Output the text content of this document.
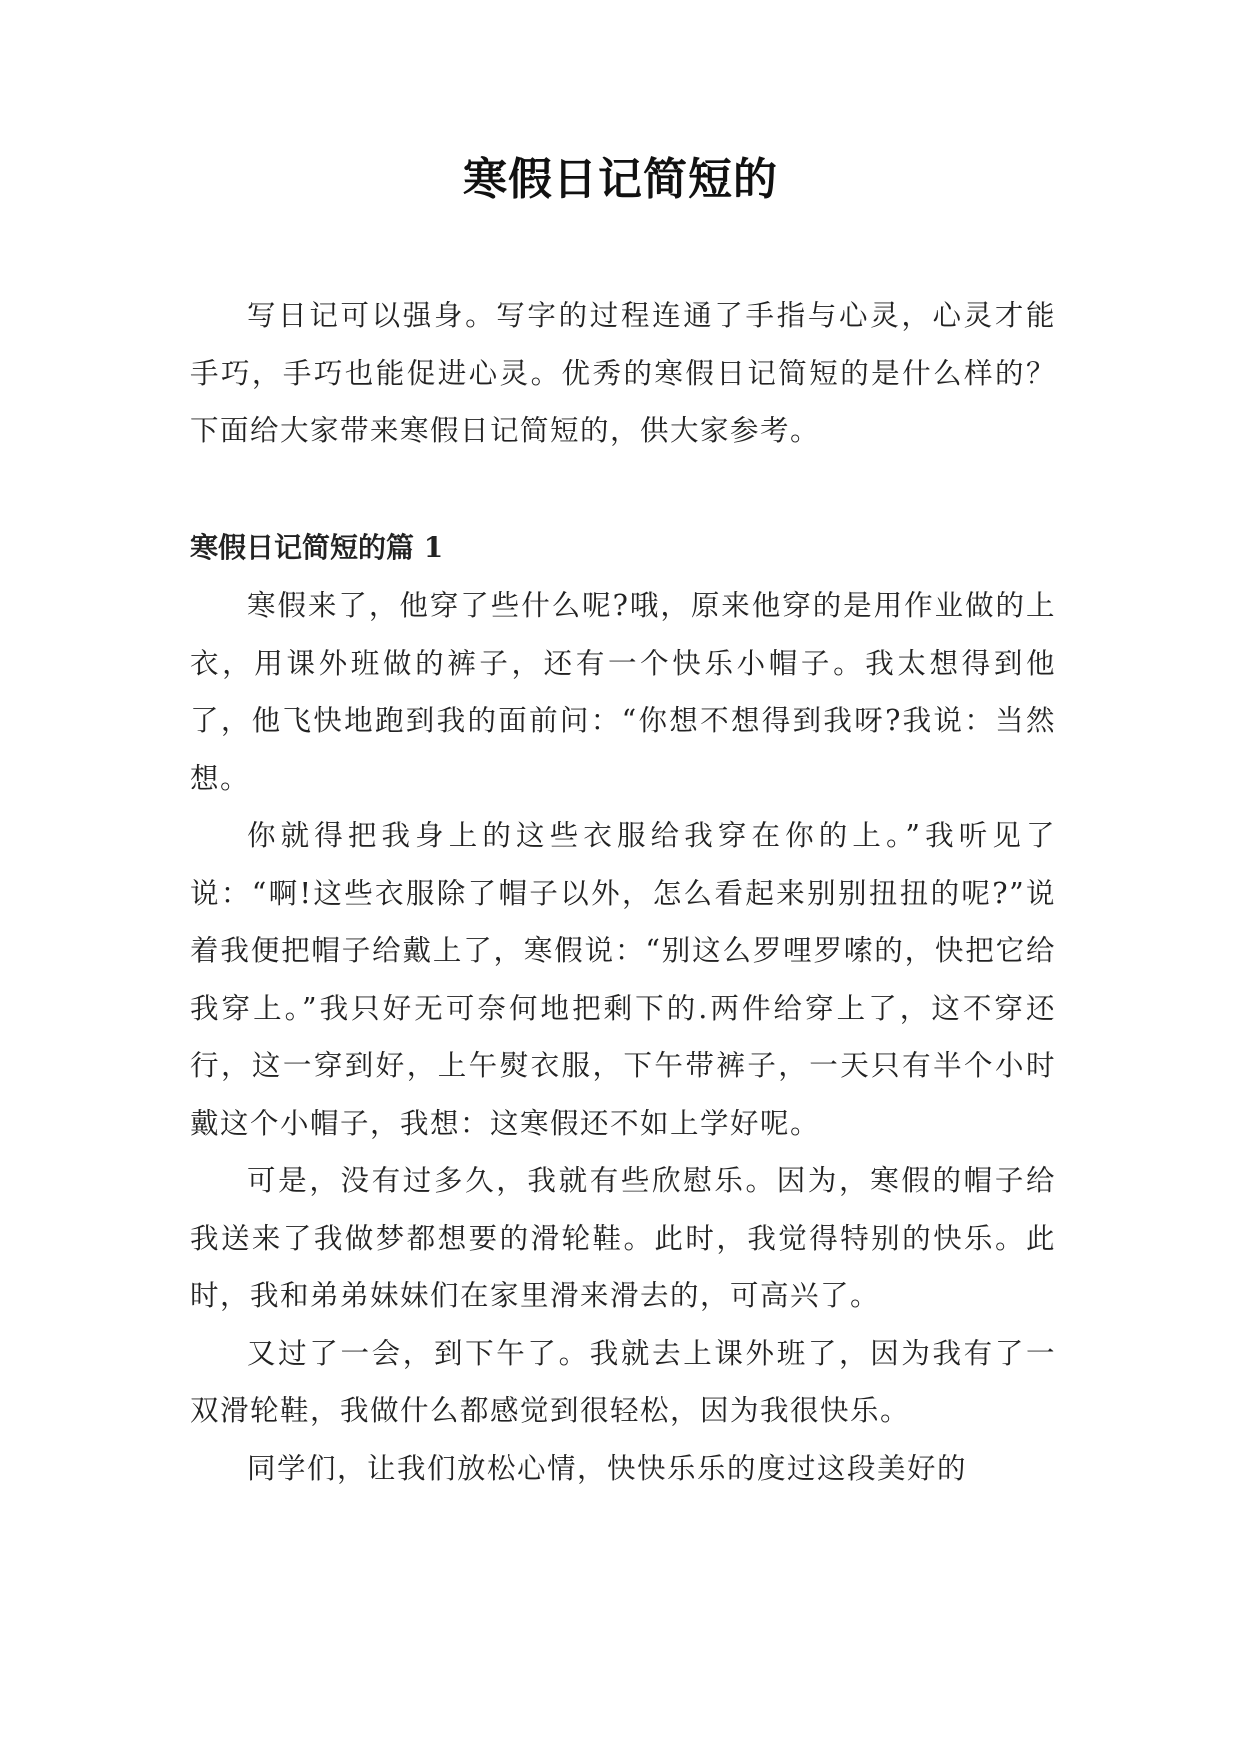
寒假日记简短的

写日记可以强身。写字的过程连通了手指与心灵，心灵才能手巧，手巧也能促进心灵。优秀的寒假日记简短的是什么样的？下面给大家带来寒假日记简短的，供大家参考。

寒假日记简短的篇 1

寒假来了，他穿了些什么呢?哦，原来他穿的是用作业做的上衣，用课外班做的裤子，还有一个快乐小帽子。我太想得到他了，他飞快地跑到我的面前问：“你想不想得到我呀?我说：当然想。

你就得把我身上的这些衣服给我穿在你的上。”我听见了说：“啊!这些衣服除了帽子以外，怎么看起来别别扭扭的呢?”说着我便把帽子给戴上了，寒假说：“别这么罗哩罗嗦的，快把它给我穿上。”我只好无可奈何地把剩下的.两件给穿上了，这不穿还行，这一穿到好，上午熨衣服，下午带裤子，一天只有半个小时戴这个小帽子，我想：这寒假还不如上学好呢。

可是，没有过多久，我就有些欣慰乐。因为，寒假的帽子给我送来了我做梦都想要的滑轮鞋。此时，我觉得特别的快乐。此时，我和弟弟妹妹们在家里滑来滑去的，可高兴了。

又过了一会，到下午了。我就去上课外班了，因为我有了一双滑轮鞋，我做什么都感觉到很轻松，因为我很快乐。

同学们，让我们放松心情，快快乐乐的度过这段美好的
